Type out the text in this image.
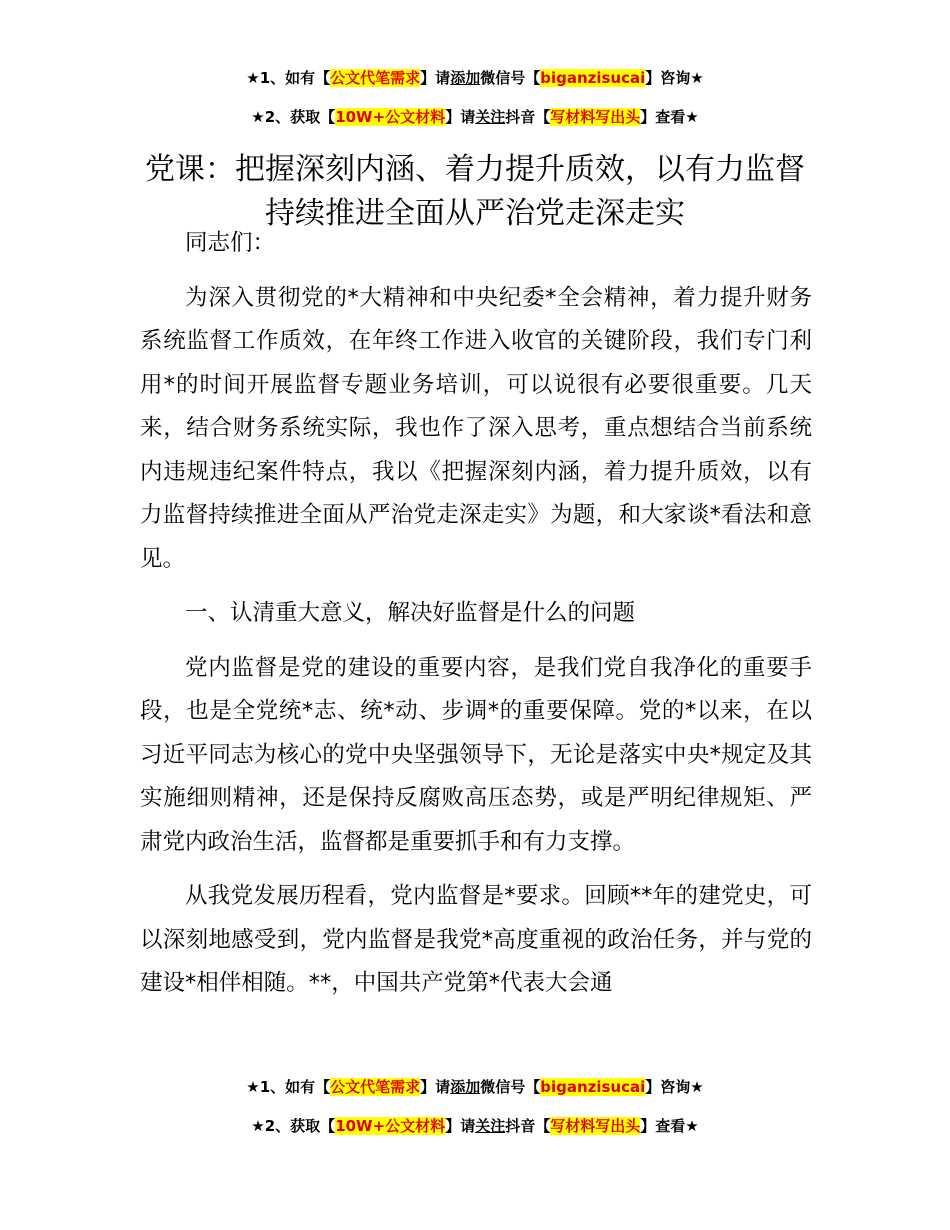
★1、如有【公文代笔需求】请添加微信号【biganzisucai】咨询★
★2、获取【10W+公文材料】请关注抖音【写材料写出头】查看★
党课：把握深刻内涵、着力提升质效，以有力监督持续推进全面从严治党走深走实

同志们：

为深入贯彻党的*大精神和中央纪委*全会精神，着力提升财务系统监督工作质效，在年终工作进入收官的关键阶段，我们专门利用*的时间开展监督专题业务培训，可以说很有必要很重要。几天来，结合财务系统实际，我也作了深入思考，重点想结合当前系统内违规违纪案件特点，我以《把握深刻内涵，着力提升质效，以有力监督持续推进全面从严治党走深走实》为题，和大家谈*看法和意见。

一、认清重大意义，解决好监督是什么的问题

党内监督是党的建设的重要内容，是我们党自我净化的重要手段，也是全党统*志、统*动、步调*的重要保障。党的*以来，在以习近平同志为核心的党中央坚强领导下，无论是落实中央*规定及其实施细则精神，还是保持反腐败高压态势，或是严明纪律规矩、严肃党内政治生活，监督都是重要抓手和有力支撑。

从我党发展历程看，党内监督是*要求。回顾**年的建党史，可以深刻地感受到，党内监督是我党*高度重视的政治任务，并与党的建设*相伴相随。**，中国共产党第*代表大会通

★1、如有【公文代笔需求】请添加微信号【biganzisucai】咨询★
★2、获取【10W+公文材料】请关注抖音【写材料写出头】查看★
